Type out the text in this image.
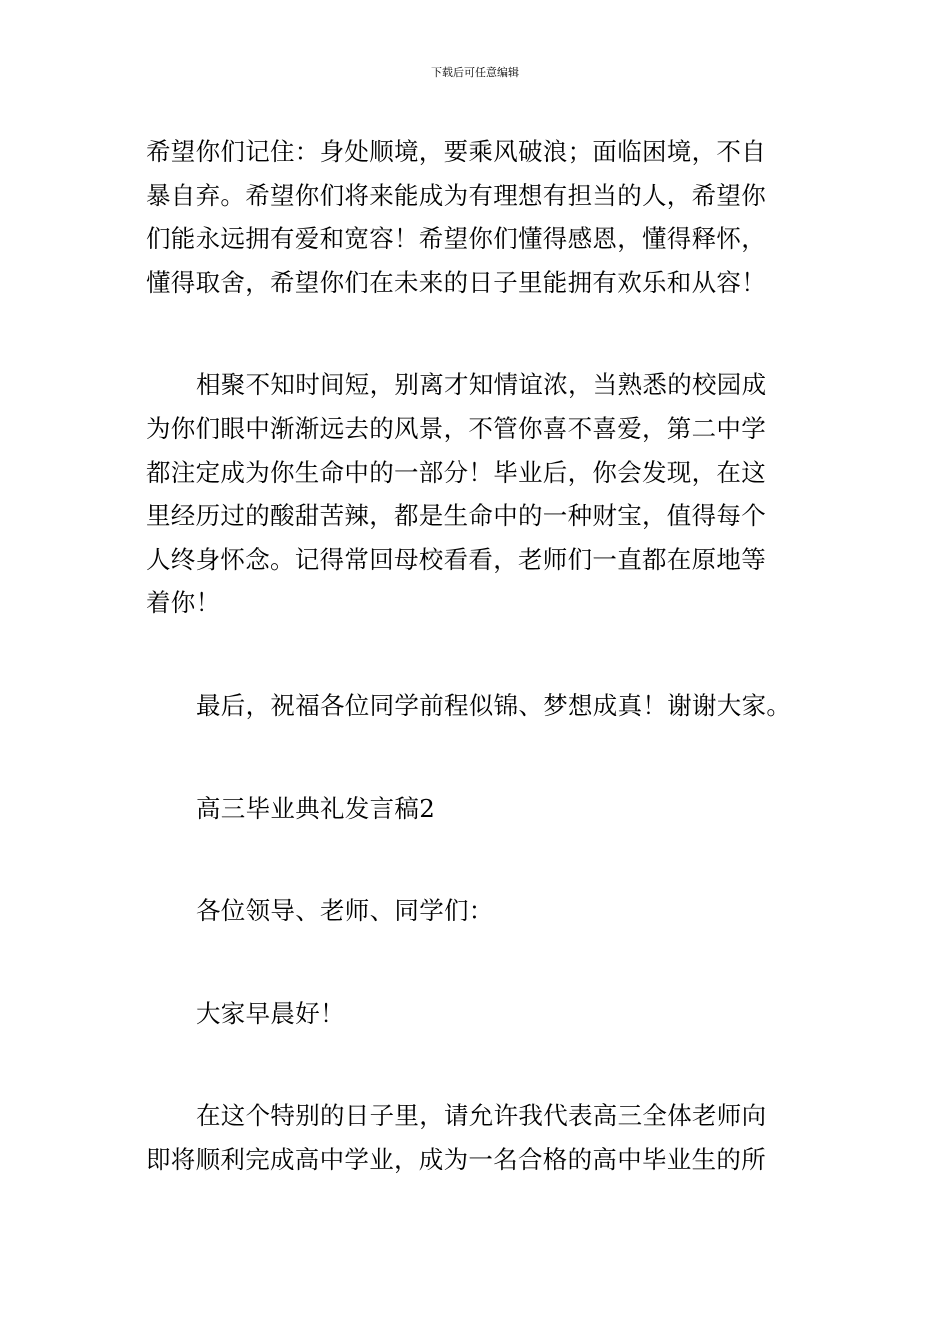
下载后可任意编辑
希望你们记住：身处顺境，要乘风破浪；面临困境，不自
暴自弃。希望你们将来能成为有理想有担当的人，希望你
们能永远拥有爱和宽容！希望你们懂得感恩，懂得释怀，
懂得取舍，希望你们在未来的日子里能拥有欢乐和从容！
相聚不知时间短，别离才知情谊浓，当熟悉的校园成
为你们眼中渐渐远去的风景，不管你喜不喜爱，第二中学
都注定成为你生命中的一部分！毕业后，你会发现，在这
里经历过的酸甜苦辣，都是生命中的一种财宝，值得每个
人终身怀念。记得常回母校看看，老师们一直都在原地等
着你！
最后，祝福各位同学前程似锦、梦想成真！谢谢大家。
高三毕业典礼发言稿2
各位领导、老师、同学们：
大家早晨好！
在这个特别的日子里，请允许我代表高三全体老师向
即将顺利完成高中学业，成为一名合格的高中毕业生的所
